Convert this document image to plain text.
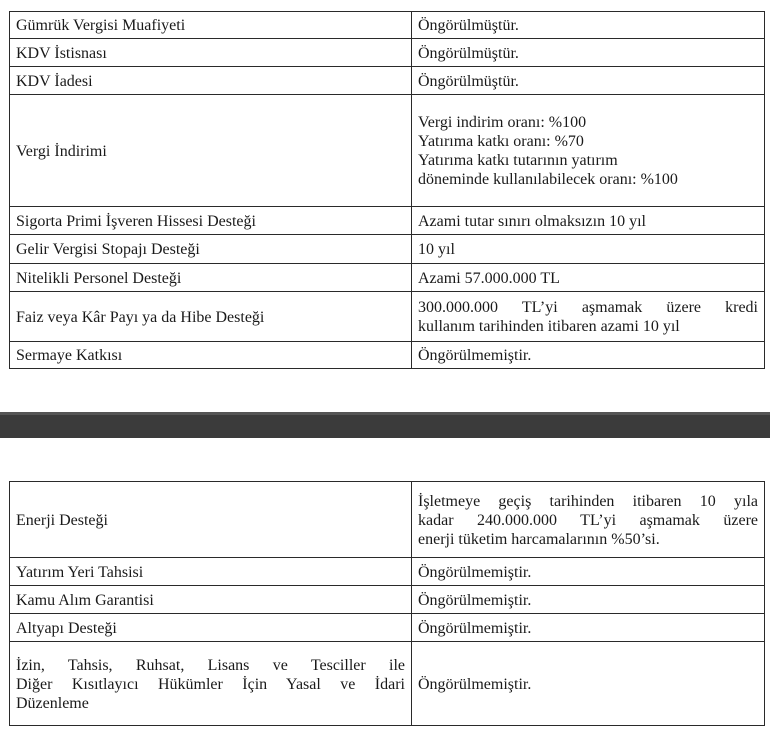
Gümrük Vergisi Muafiyeti	Öngörülmüştür.
KDV İstisnası	Öngörülmüştür.
KDV İadesi	Öngörülmüştür.
Vergi İndirimi	Vergi indirim oranı: %100
Yatırıma katkı oranı: %70
Yatırıma katkı tutarının yatırım
döneminde kullanılabilecek oranı: %100

Sigorta Primi İşveren Hissesi Desteği	Azami tutar sınırı olmaksızın 10 yıl
Gelir Vergisi Stopajı Desteği	10 yıl
Nitelikli Personel Desteği	Azami 57.000.000 TL
Faiz veya Kâr Payı ya da Hibe Desteği	300.000.000 TL’yi aşmamak üzere kredi
kullanım tarihinden itibaren azami 10 yıl

Sermaye Katkısı	Öngörülmemiştir.
Enerji Desteği	İşletmeye geçiş tarihinden itibaren 10 yıla
kadar 240.000.000 TL’yi aşmamak üzere
enerji tüketim harcamalarının %50’si.

Yatırım Yeri Tahsisi	Öngörülmemiştir.
Kamu Alım Garantisi	Öngörülmemiştir.
Altyapı Desteği	Öngörülmemiştir.

İzin, Tahsis, Ruhsat, Lisans ve Tesciller ile
Diğer Kısıtlayıcı Hükümler İçin Yasal ve İdari
Düzenleme	Öngörülmemiştir.
